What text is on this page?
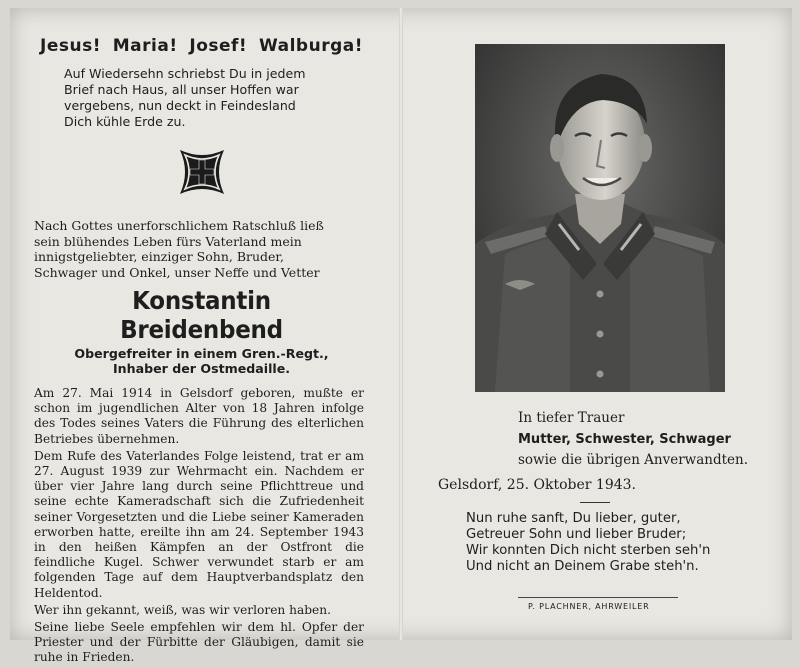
Jesus! Maria! Josef! Walburga!
Auf Wiedersehn schriebst Du in jedem
Brief nach Haus, all unser Hoffen war
vergebens, nun deckt in Feindesland
Dich kühle Erde zu.
Nach Gottes unerforschlichem Ratschluß ließ
sein blühendes Leben fürs Vaterland mein
innigstgeliebter, einziger Sohn, Bruder,
Schwager und Onkel, unser Neffe und Vetter
Konstantin Breidenbend
Obergefreiter in einem Gren.-Regt.,
Inhaber der Ostmedaille.

Am 27. Mai 1914 in Gelsdorf geboren, mußte er schon im jugendlichen Alter von 18 Jahren infolge des Todes seines Vaters die Führung des elterlichen Betriebes übernehmen.

Dem Rufe des Vaterlandes Folge leistend, trat er am 27. August 1939 zur Wehrmacht ein. Nachdem er über vier Jahre lang durch seine Pflichttreue und seine echte Kameradschaft sich die Zufriedenheit seiner Vorgesetzten und die Liebe seiner Kameraden erworben hatte, ereilte ihn am 24. September 1943 in den heißen Kämpfen an der Ostfront die feindliche Kugel. Schwer verwundet starb er am folgenden Tage auf dem Hauptverbandsplatz den Heldentod.

Wer ihn gekannt, weiß, was wir verloren haben.

Seine liebe Seele empfehlen wir dem hl. Opfer der Priester und der Fürbitte der Gläubigen, damit sie ruhe in Frieden.

In tiefer Trauer
Mutter, Schwester, Schwager
sowie die übrigen Anverwandten.
Gelsdorf, 25. Oktober 1943.
Nun ruhe sanft, Du lieber, guter,
Getreuer Sohn und lieber Bruder;
Wir konnten Dich nicht sterben seh'n
Und nicht an Deinem Grabe steh'n.
P. PLACHNER, AHRWEILER
